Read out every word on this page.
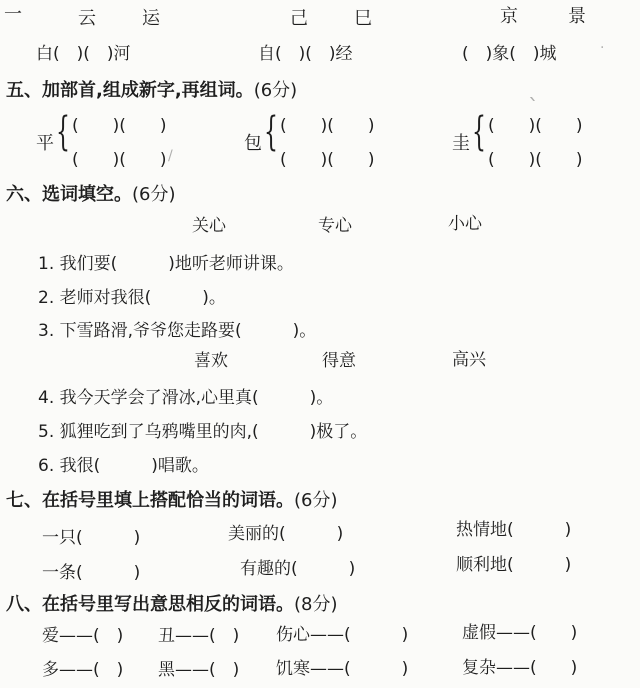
一	云	运	己	巳	京	景
白(　)(　)河	自(　)(　)经	(　)象(　)城
五、加部首,组成新字,再组词。(6分)
平 { (　　)(　　)
(　　)(　　)
包 { (　　)(　　)
(　　)(　　)
圭 { (　　)(　　)
(　　)(　　)
六、选词填空。(6分)
关心	专心	小心
1. 我们要(　　　)地听老师讲课。
2. 老师对我很(　　　)。
3. 下雪路滑,爷爷您走路要(　　　)。
喜欢	得意	高兴
4. 我今天学会了滑冰,心里真(　　　)。
5. 狐狸吃到了乌鸦嘴里的肉,(　　　)极了。
6. 我很(　　　)唱歌。
七、在括号里填上搭配恰当的词语。(6分)
一只(　　　)	美丽的(　　　)	热情地(　　　)
一条(　　　)	有趣的(　　　)	顺利地(　　　)
八、在括号里写出意思相反的词语。(8分)
爱——(　) 丑——(　) 伤心——(　　　)	虚假——(　　)
多——(　) 黑——(　) 饥寒——(　　　)	复杂——(　　)
ˋ
/
·
